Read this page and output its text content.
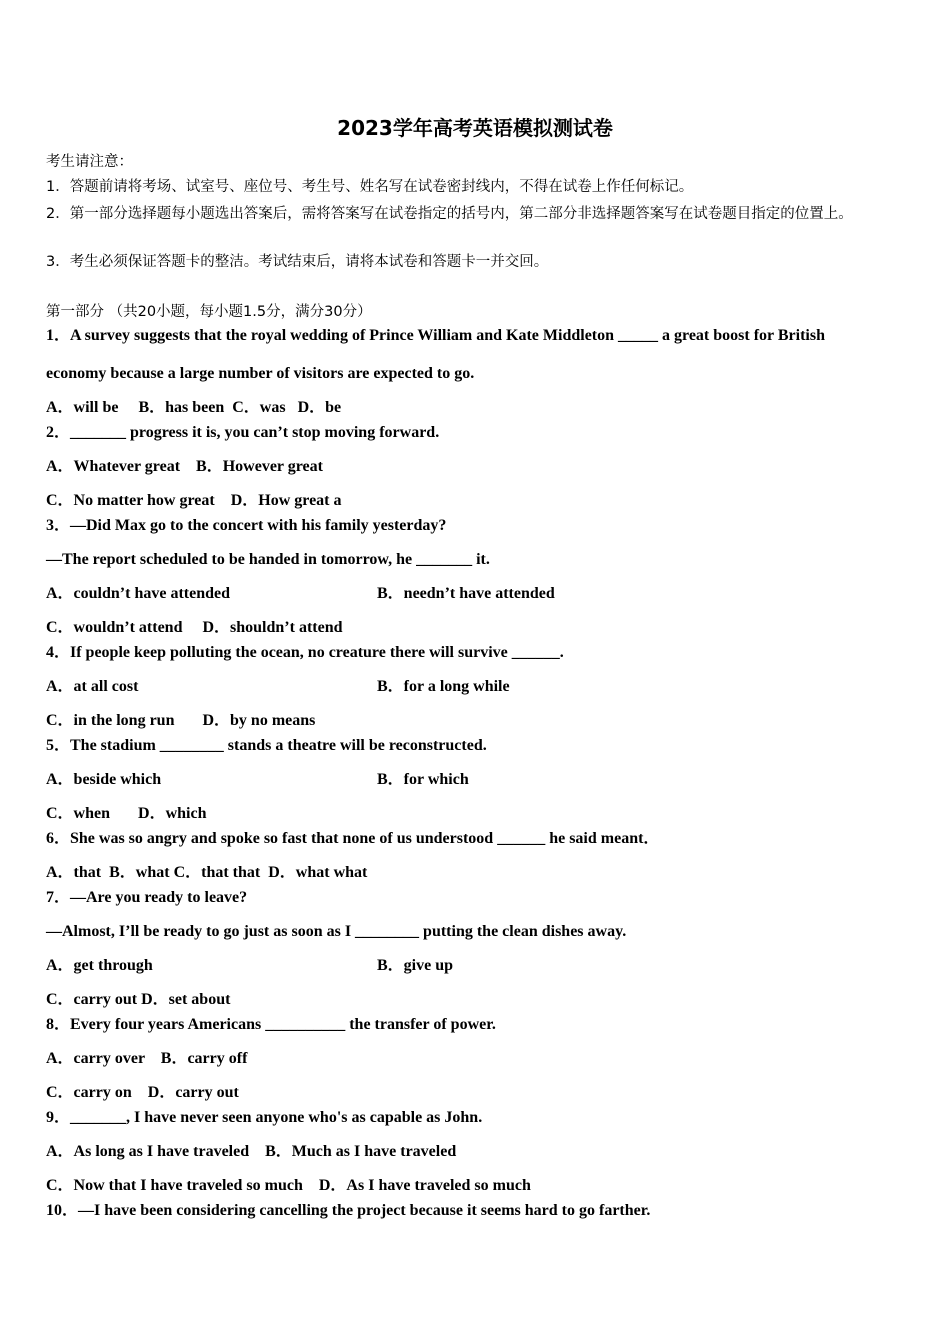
2023学年高考英语模拟测试卷
考生请注意：
1．答题前请将考场、试室号、座位号、考生号、姓名写在试卷密封线内，不得在试卷上作任何标记。
2．第一部分选择题每小题选出答案后，需将答案写在试卷指定的括号内，第二部分非选择题答案写在试卷题目指定的位置上。
3．考生必须保证答题卡的整洁。考试结束后，请将本试卷和答题卡一并交回。
第一部分 （共20小题，每小题1.5分，满分30分）
1．A survey suggests that the royal wedding of Prince William and Kate Middleton _____ a great boost for British
economy because a large number of visitors are expected to go.
A．will be     B．has been  C．was   D．be
2．_______ progress it is, you can’t stop moving forward.
A．Whatever great    B．However great
C．No matter how great    D．How great a
3．—Did Max go to the concert with his family yesterday?
—The report scheduled to be handed in tomorrow, he _______ it.
A．couldn’t have attended	B．needn’t have attended
C．wouldn’t attend     D．shouldn’t attend
4．If people keep polluting the ocean, no creature there will survive ______.
A．at all cost	B．for a long while
C．in the long run       D．by no means
5．The stadium ________ stands a theatre will be reconstructed.
A．beside which	B．for which
C．when       D．which
6．She was so angry and spoke so fast that none of us understood ______ he said meant．
A．that  B．what C．that that  D．what what
7．—Are you ready to leave?
—Almost, I’ll be ready to go just as soon as I ________ putting the clean dishes away.
A．get through	B．give up
C．carry out D．set about
8．Every four years Americans __________ the transfer of power.
A．carry over    B．carry off
C．carry on    D．carry out
9．_______, I have never seen anyone who's as capable as John.
A．As long as I have traveled    B．Much as I have traveled
C．Now that I have traveled so much    D．As I have traveled so much
10．—I have been considering cancelling the project because it seems hard to go farther.
